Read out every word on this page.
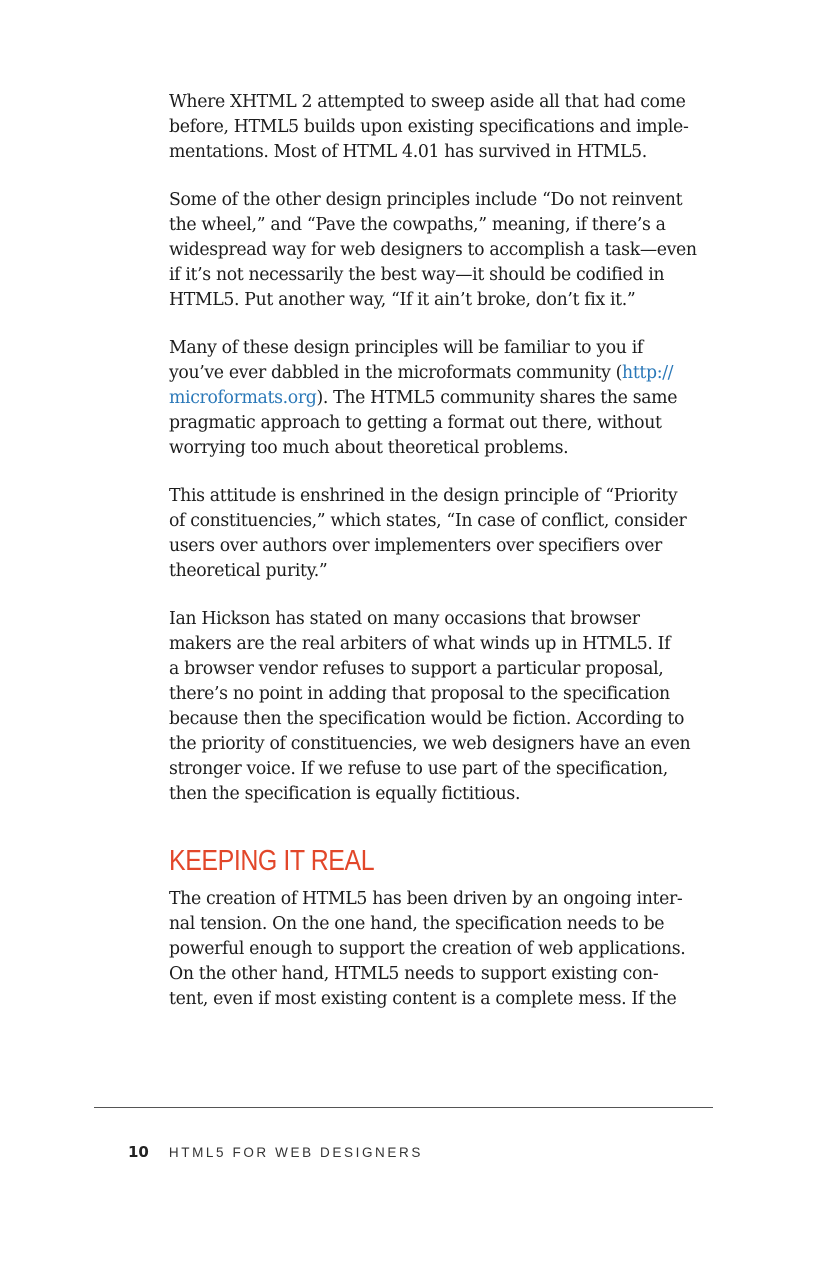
Where XHTML 2 attempted to sweep aside all that had come
before, HTML5 builds upon existing specifications and imple-
mentations. Most of HTML 4.01 has survived in HTML5.

Some of the other design principles include “Do not reinvent
the wheel,” and “Pave the cowpaths,” meaning, if there’s a
widespread way for web designers to accomplish a task—even
if it’s not necessarily the best way—it should be codified in
HTML5. Put another way, “If it ain’t broke, don’t fix it.”

Many of these design principles will be familiar to you if
you’ve ever dabbled in the microformats community (http://
microformats.org). The HTML5 community shares the same
pragmatic approach to getting a format out there, without
worrying too much about theoretical problems.

This attitude is enshrined in the design principle of “Priority
of constituencies,” which states, “In case of conflict, consider
users over authors over implementers over specifiers over
theoretical purity.”

Ian Hickson has stated on many occasions that browser
makers are the real arbiters of what winds up in HTML5. If
a browser vendor refuses to support a particular proposal,
there’s no point in adding that proposal to the specification
because then the specification would be fiction. According to
the priority of constituencies, we web designers have an even
stronger voice. If we refuse to use part of the specification,
then the specification is equally fictitious.

KEEPING IT REAL

The creation of HTML5 has been driven by an ongoing inter-
nal tension. On the one hand, the specification needs to be
powerful enough to support the creation of web applications.
On the other hand, HTML5 needs to support existing con-
tent, even if most existing content is a complete mess. If the

10 HTML5 FOR WEB DESIGNERS
